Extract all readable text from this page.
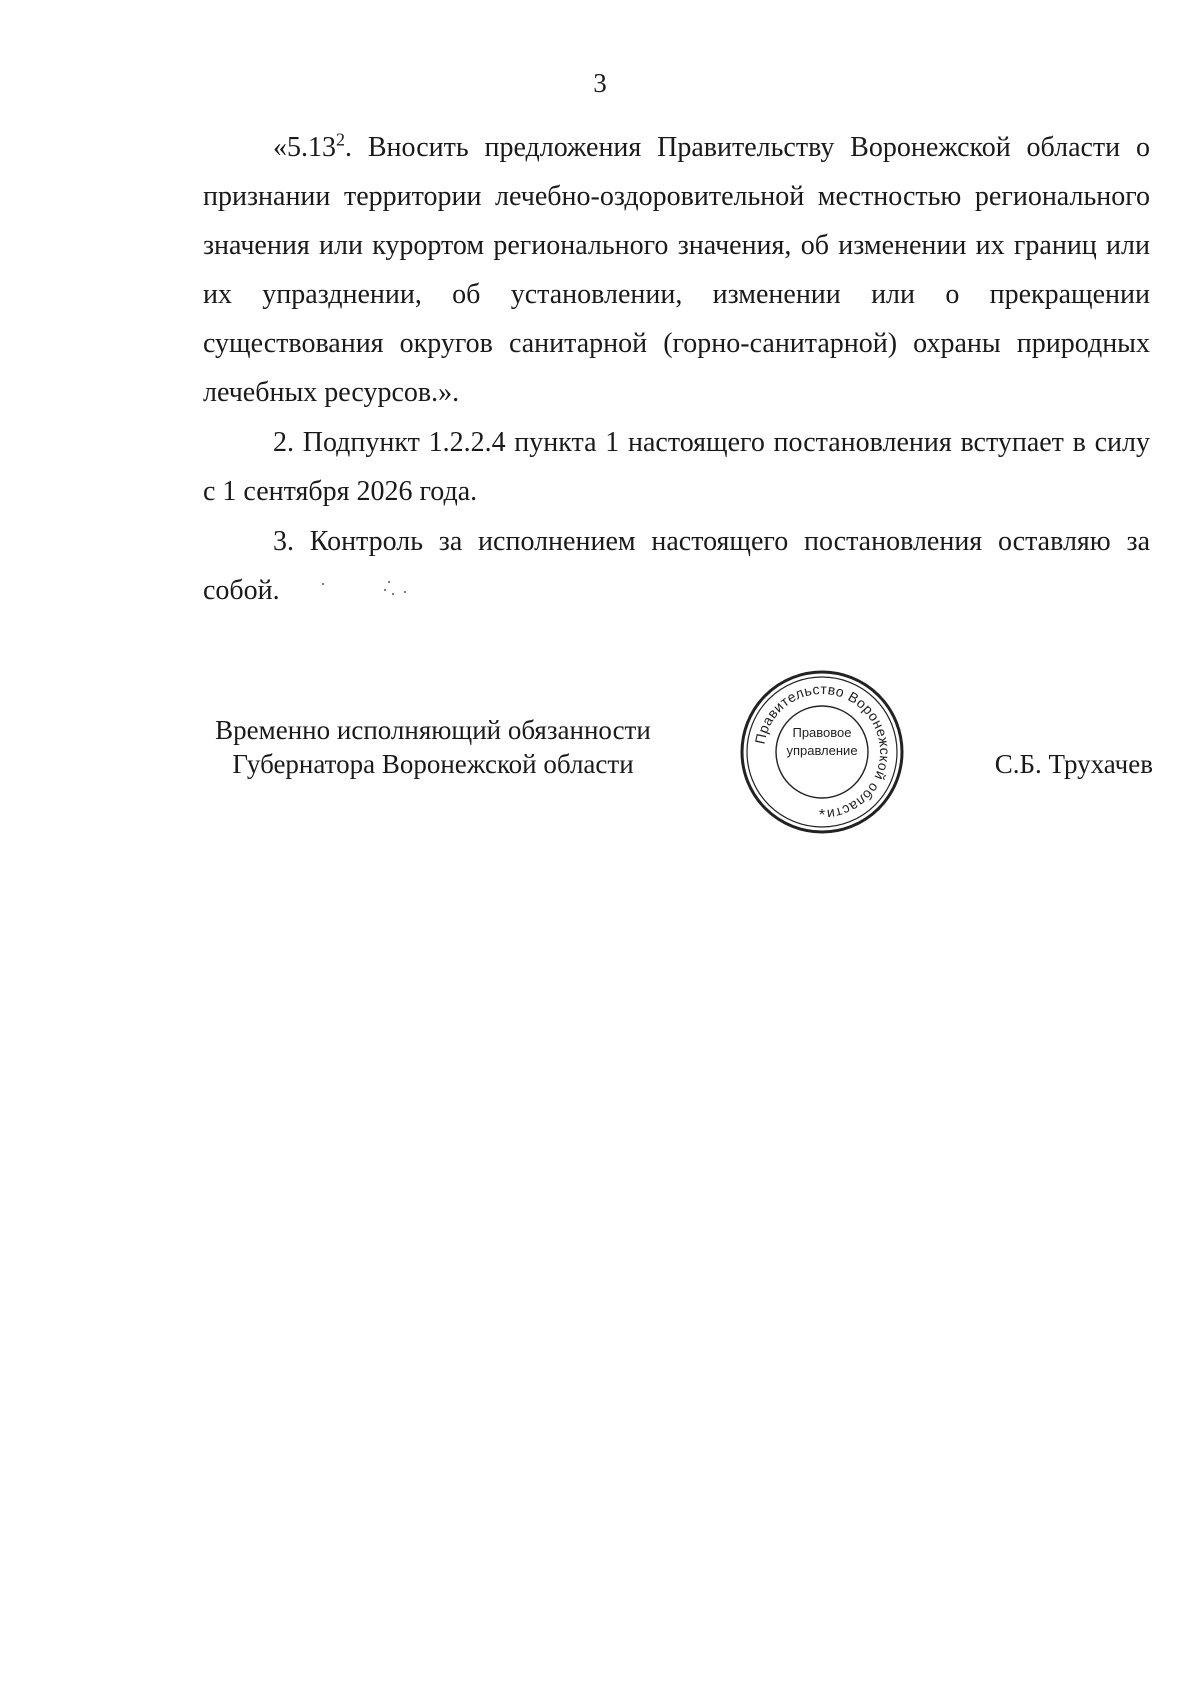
3

«5.13$^2$. Вносить предложения Правительству Воронежской области о признании территории лечебно-оздоровительной местностью регионального значения или курортом регионального значения, об изменении их границ или их упразднении, об установлении, изменении или о прекращении существования округов санитарной (горно-санитарной) охраны природных лечебных ресурсов.».

2. Подпункт 1.2.2.4 пункта 1 настоящего постановления вступает в силу с 1 сентября 2026 года.

3. Контроль за исполнением настоящего постановления оставляю за собой.

Временно исполняющий обязанности
Губернатора Воронежской области
Правительство Воронежской области
*
Правовое
управление	С.Б. Трухачев
